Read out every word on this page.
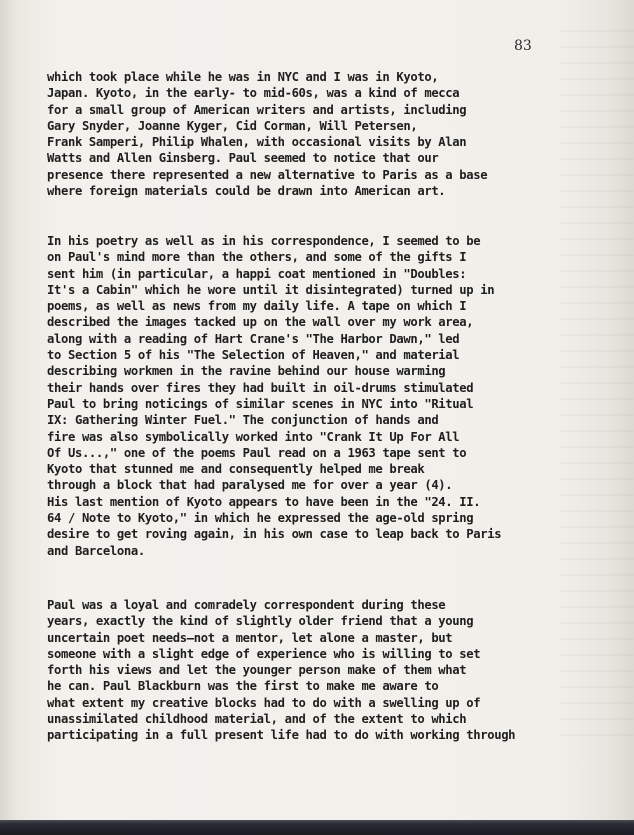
83
which took place while he was in NYC and I was in Kyoto,
Japan. Kyoto, in the early- to mid-60s, was a kind of mecca
for a small group of American writers and artists, including
Gary Snyder, Joanne Kyger, Cid Corman, Will Petersen,
Frank Samperi, Philip Whalen, with occasional visits by Alan
Watts and Allen Ginsberg. Paul seemed to notice that our
presence there represented a new alternative to Paris as a base
where foreign materials could be drawn into American art.
In his poetry as well as in his correspondence, I seemed to be
on Paul's mind more than the others, and some of the gifts I
sent him (in particular, a happi coat mentioned in "Doubles:
It's a Cabin" which he wore until it disintegrated) turned up in
poems, as well as news from my daily life. A tape on which I
described the images tacked up on the wall over my work area,
along with a reading of Hart Crane's "The Harbor Dawn," led
to Section 5 of his "The Selection of Heaven," and material
describing workmen in the ravine behind our house warming
their hands over fires they had built in oil-drums stimulated
Paul to bring noticings of similar scenes in NYC into "Ritual
IX: Gathering Winter Fuel." The conjunction of hands and
fire was also symbolically worked into "Crank It Up For All
Of Us...," one of the poems Paul read on a 1963 tape sent to
Kyoto that stunned me and consequently helped me break
through a block that had paralysed me for over a year (4).
His last mention of Kyoto appears to have been in the "24. II.
64 / Note to Kyoto," in which he expressed the age-old spring
desire to get roving again, in his own case to leap back to Paris
and Barcelona.
Paul was a loyal and comradely correspondent during these
years, exactly the kind of slightly older friend that a young
uncertain poet needs—not a mentor, let alone a master, but
someone with a slight edge of experience who is willing to set
forth his views and let the younger person make of them what
he can. Paul Blackburn was the first to make me aware to
what extent my creative blocks had to do with a swelling up of
unassimilated childhood material, and of the extent to which
participating in a full present life had to do with working through
